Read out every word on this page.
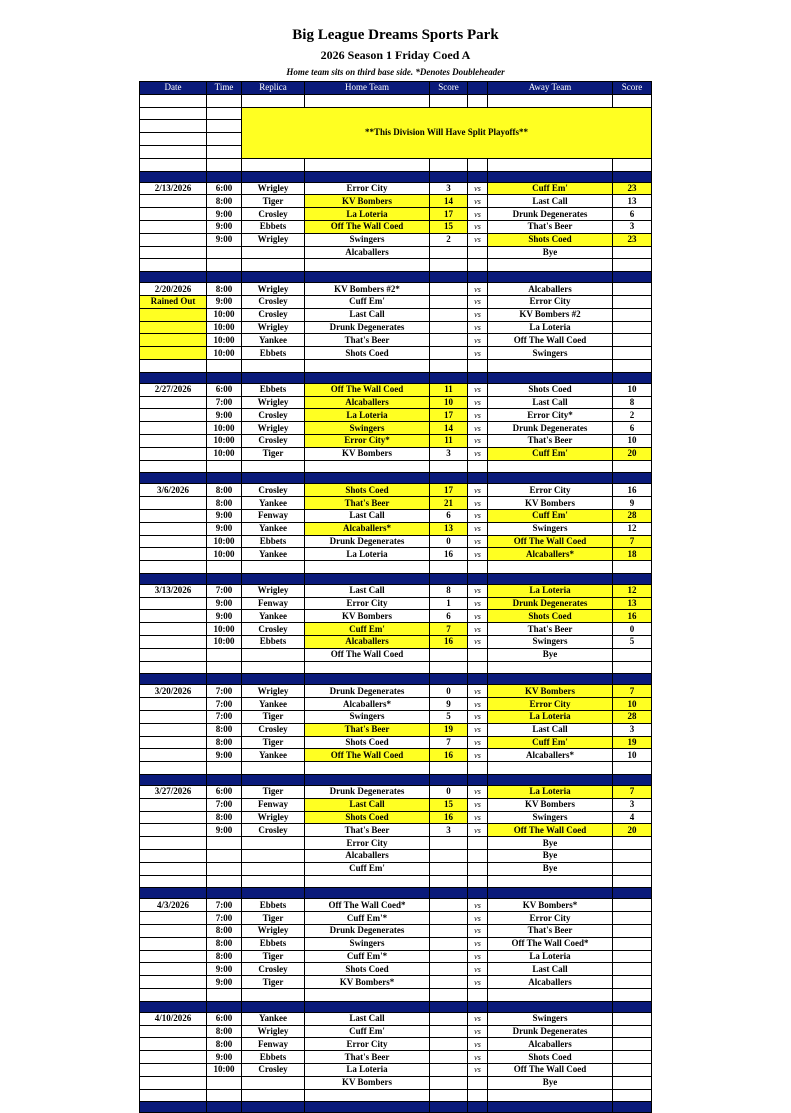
Big League Dreams Sports Park
2026 Season 1 Friday Coed A
Home team sits on third base side. *Denotes Doubleheader
Date	Time	Replica	Home Team	Score		Away Team	Score

		**This Division Will Have Split Playoffs**					

2/13/2026	6:00	Wrigley	Error City	3	vs	Cuff Em'	23
	8:00	Tiger	KV Bombers	14	vs	Last Call	13
	9:00	Crosley	La Loteria	17	vs	Drunk Degenerates	6
	9:00	Ebbets	Off The Wall Coed	15	vs	That's Beer	3
	9:00	Wrigley	Swingers	2	vs	Shots Coed	23
			Alcaballers			Bye	

2/20/2026	8:00	Wrigley	KV Bombers #2*		vs	Alcaballers	
Rained Out	9:00	Crosley	Cuff Em'		vs	Error City	
	10:00	Crosley	Last Call		vs	KV Bombers #2	
	10:00	Wrigley	Drunk Degenerates		vs	La Loteria	
	10:00	Yankee	That's Beer		vs	Off The Wall Coed	
	10:00	Ebbets	Shots Coed		vs	Swingers	

2/27/2026	6:00	Ebbets	Off The Wall Coed	11	vs	Shots Coed	10
	7:00	Wrigley	Alcaballers	10	vs	Last Call	8
	9:00	Crosley	La Loteria	17	vs	Error City*	2
	10:00	Wrigley	Swingers	14	vs	Drunk Degenerates	6
	10:00	Crosley	Error City*	11	vs	That's Beer	10
	10:00	Tiger	KV Bombers	3	vs	Cuff Em'	20

3/6/2026	8:00	Crosley	Shots Coed	17	vs	Error City	16
	8:00	Yankee	That's Beer	21	vs	KV Bombers	9
	9:00	Fenway	Last Call	6	vs	Cuff Em'	28
	9:00	Yankee	Alcaballers*	13	vs	Swingers	12
	10:00	Ebbets	Drunk Degenerates	0	vs	Off The Wall Coed	7
	10:00	Yankee	La Loteria	16	vs	Alcaballers*	18

3/13/2026	7:00	Wrigley	Last Call	8	vs	La Loteria	12
	9:00	Fenway	Error City	1	vs	Drunk Degenerates	13
	9:00	Yankee	KV Bombers	6	vs	Shots Coed	16
	10:00	Crosley	Cuff Em'	7	vs	That's Beer	0
	10:00	Ebbets	Alcaballers	16	vs	Swingers	5
			Off The Wall Coed			Bye	

3/20/2026	7:00	Wrigley	Drunk Degenerates	0	vs	KV Bombers	7
	7:00	Yankee	Alcaballers*	9	vs	Error City	10
	7:00	Tiger	Swingers	5	vs	La Loteria	28
	8:00	Crosley	That's Beer	19	vs	Last Call	3
	8:00	Tiger	Shots Coed	7	vs	Cuff Em'	19
	9:00	Yankee	Off The Wall Coed	16	vs	Alcaballers*	10

3/27/2026	6:00	Tiger	Drunk Degenerates	0	vs	La Loteria	7
	7:00	Fenway	Last Call	15	vs	KV Bombers	3
	8:00	Wrigley	Shots Coed	16	vs	Swingers	4
	9:00	Crosley	That's Beer	3	vs	Off The Wall Coed	20
			Error City			Bye	
			Alcaballers			Bye	
			Cuff Em'			Bye	

4/3/2026	7:00	Ebbets	Off The Wall Coed*		vs	KV Bombers*	
	7:00	Tiger	Cuff Em'*		vs	Error City	
	8:00	Wrigley	Drunk Degenerates		vs	That's Beer	
	8:00	Ebbets	Swingers		vs	Off The Wall Coed*	
	8:00	Tiger	Cuff Em'*		vs	La Loteria	
	9:00	Crosley	Shots Coed		vs	Last Call	
	9:00	Tiger	KV Bombers*		vs	Alcaballers	

4/10/2026	6:00	Yankee	Last Call		vs	Swingers	
	8:00	Wrigley	Cuff Em'		vs	Drunk Degenerates	
	8:00	Fenway	Error City		vs	Alcaballers	
	9:00	Ebbets	That's Beer		vs	Shots Coed	
	10:00	Crosley	La Loteria		vs	Off The Wall Coed	
			KV Bombers			Bye	
